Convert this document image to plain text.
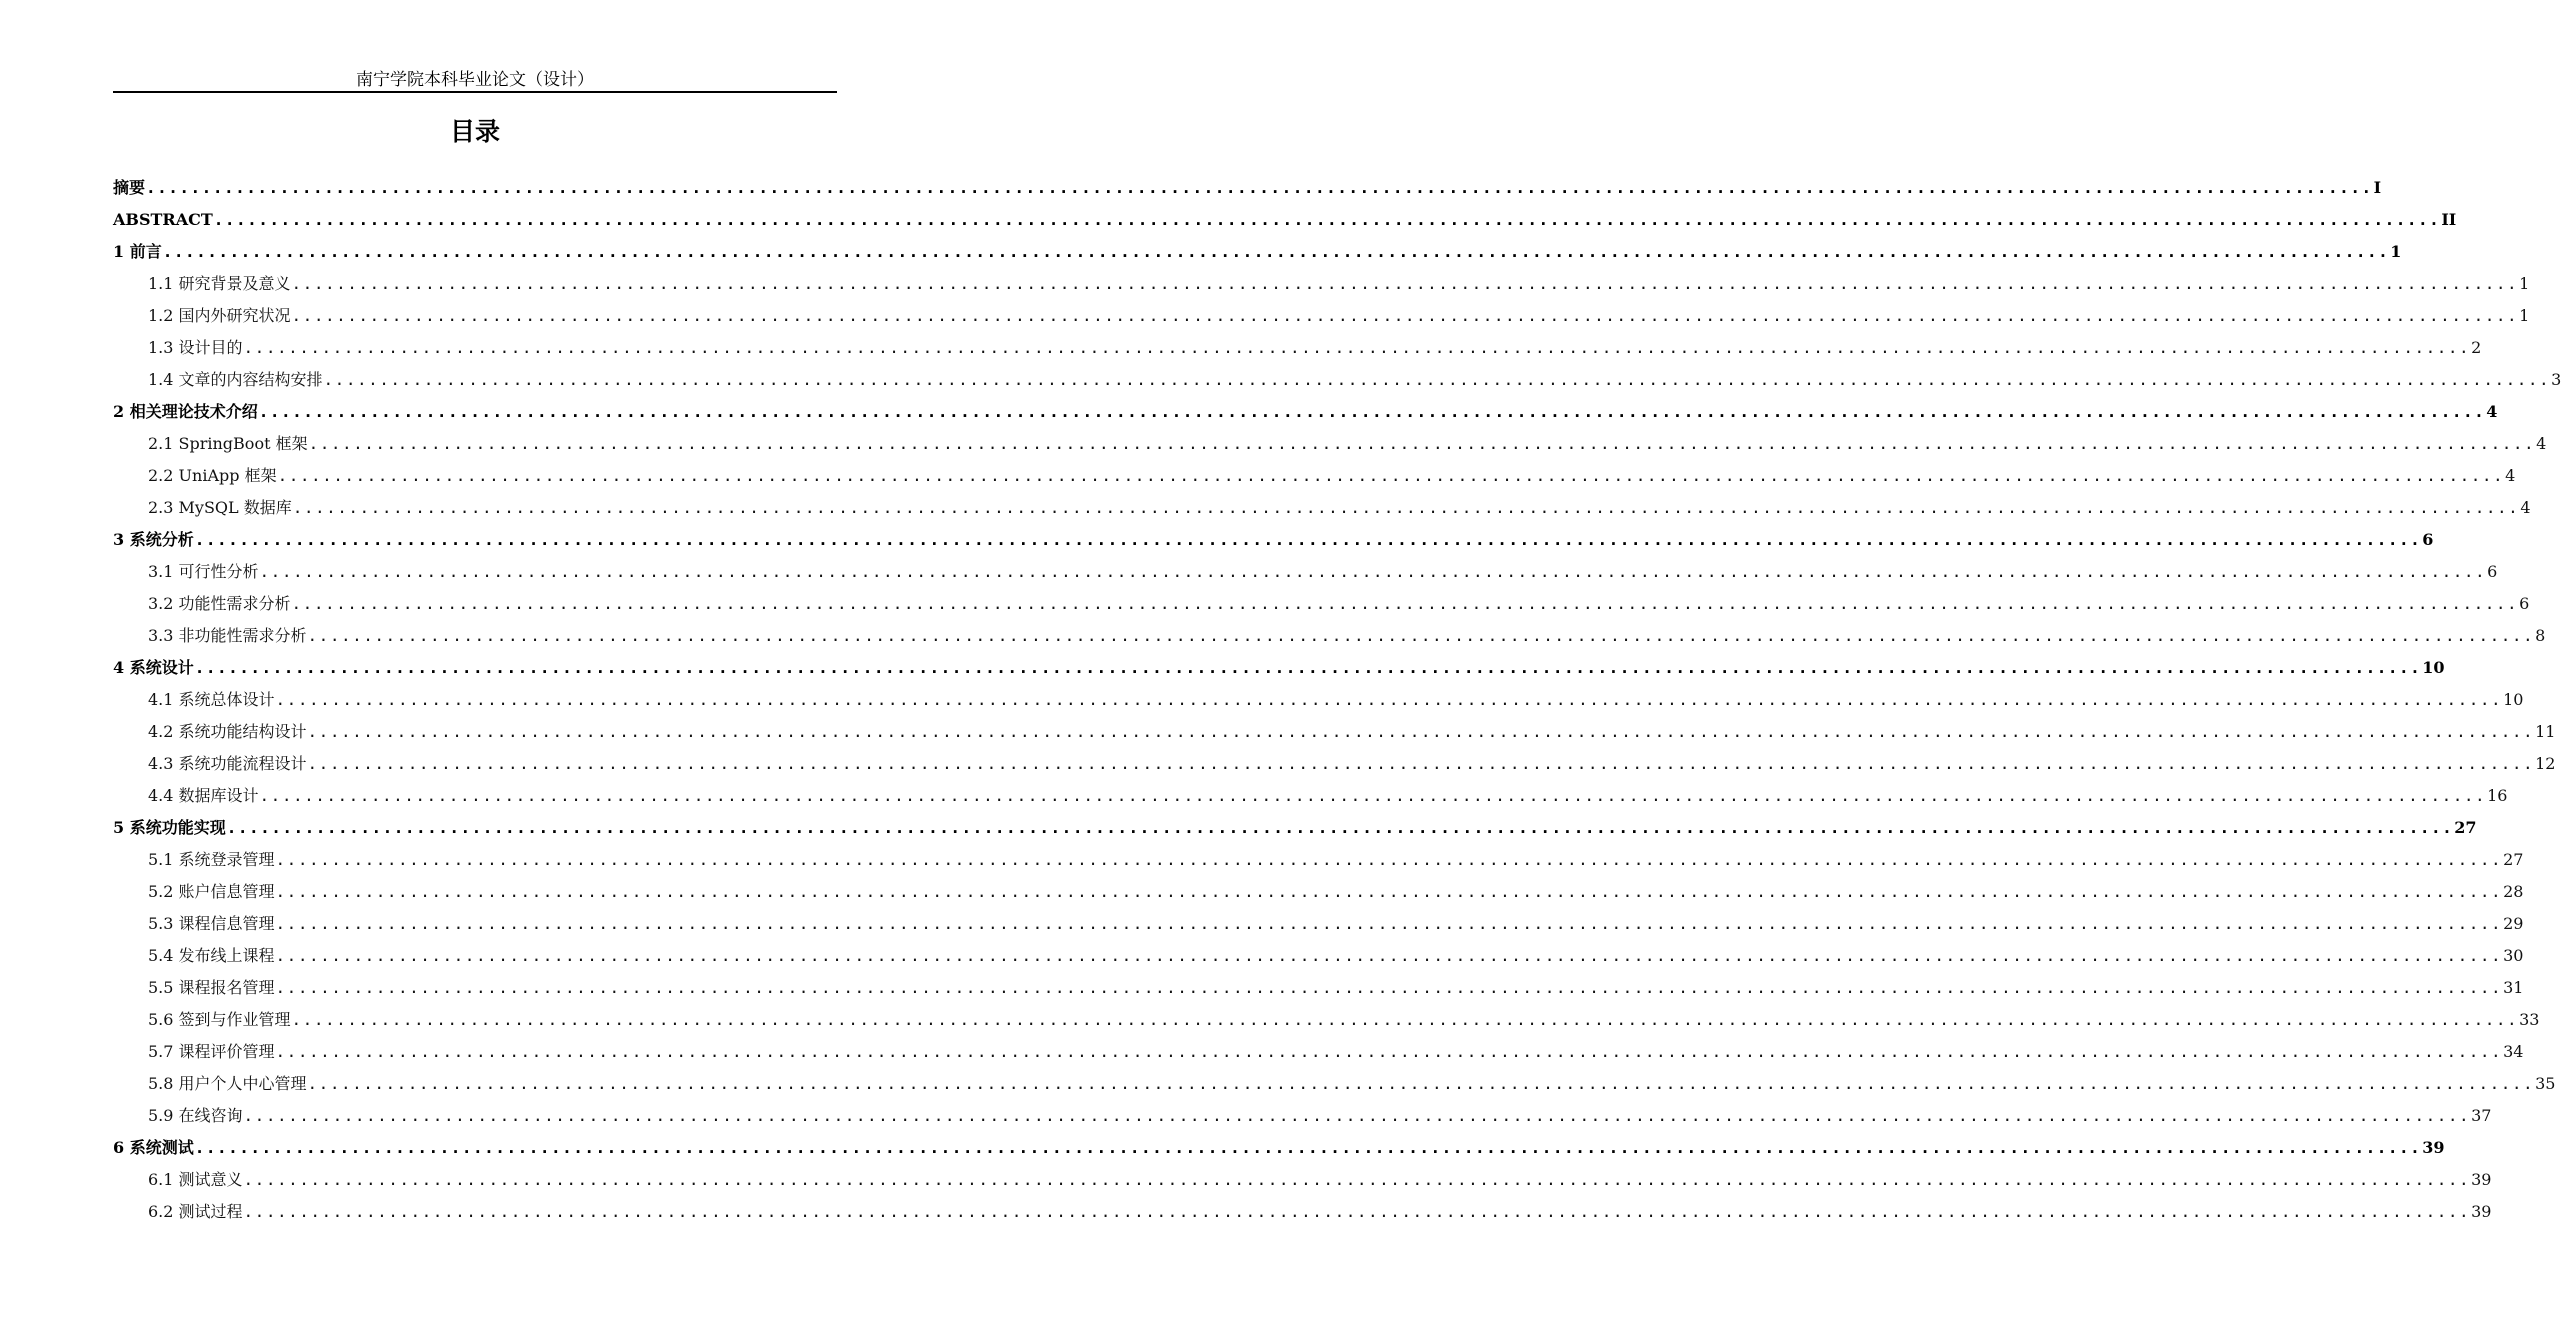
南宁学院本科毕业论文（设计）
目录
摘要 ........................................................................................................................................................................................................ I
ABSTRACT ........................................................................................................................................................................................................ II
1 前言 ........................................................................................................................................................................................................ 1
1.1 研究背景及意义 ........................................................................................................................................................................................................ 1
1.2 国内外研究状况 ........................................................................................................................................................................................................ 1
1.3 设计目的 ........................................................................................................................................................................................................ 2
1.4 文章的内容结构安排 ........................................................................................................................................................................................................ 3
2 相关理论技术介绍 ........................................................................................................................................................................................................ 4
2.1 SpringBoot 框架 ........................................................................................................................................................................................................ 4
2.2 UniApp 框架 ........................................................................................................................................................................................................ 4
2.3 MySQL 数据库 ........................................................................................................................................................................................................ 4
3 系统分析 ........................................................................................................................................................................................................ 6
3.1 可行性分析 ........................................................................................................................................................................................................ 6
3.2 功能性需求分析 ........................................................................................................................................................................................................ 6
3.3 非功能性需求分析 ........................................................................................................................................................................................................ 8
4 系统设计 ........................................................................................................................................................................................................ 10
4.1 系统总体设计 ........................................................................................................................................................................................................ 10
4.2 系统功能结构设计 ........................................................................................................................................................................................................ 11
4.3 系统功能流程设计 ........................................................................................................................................................................................................ 12
4.4 数据库设计 ........................................................................................................................................................................................................ 16
5 系统功能实现 ........................................................................................................................................................................................................ 27
5.1 系统登录管理 ........................................................................................................................................................................................................ 27
5.2 账户信息管理 ........................................................................................................................................................................................................ 28
5.3 课程信息管理 ........................................................................................................................................................................................................ 29
5.4 发布线上课程 ........................................................................................................................................................................................................ 30
5.5 课程报名管理 ........................................................................................................................................................................................................ 31
5.6 签到与作业管理 ........................................................................................................................................................................................................ 33
5.7 课程评价管理 ........................................................................................................................................................................................................ 34
5.8 用户个人中心管理 ........................................................................................................................................................................................................ 35
5.9 在线咨询 ........................................................................................................................................................................................................ 37
6 系统测试 ........................................................................................................................................................................................................ 39
6.1 测试意义 ........................................................................................................................................................................................................ 39
6.2 测试过程 ........................................................................................................................................................................................................ 39
